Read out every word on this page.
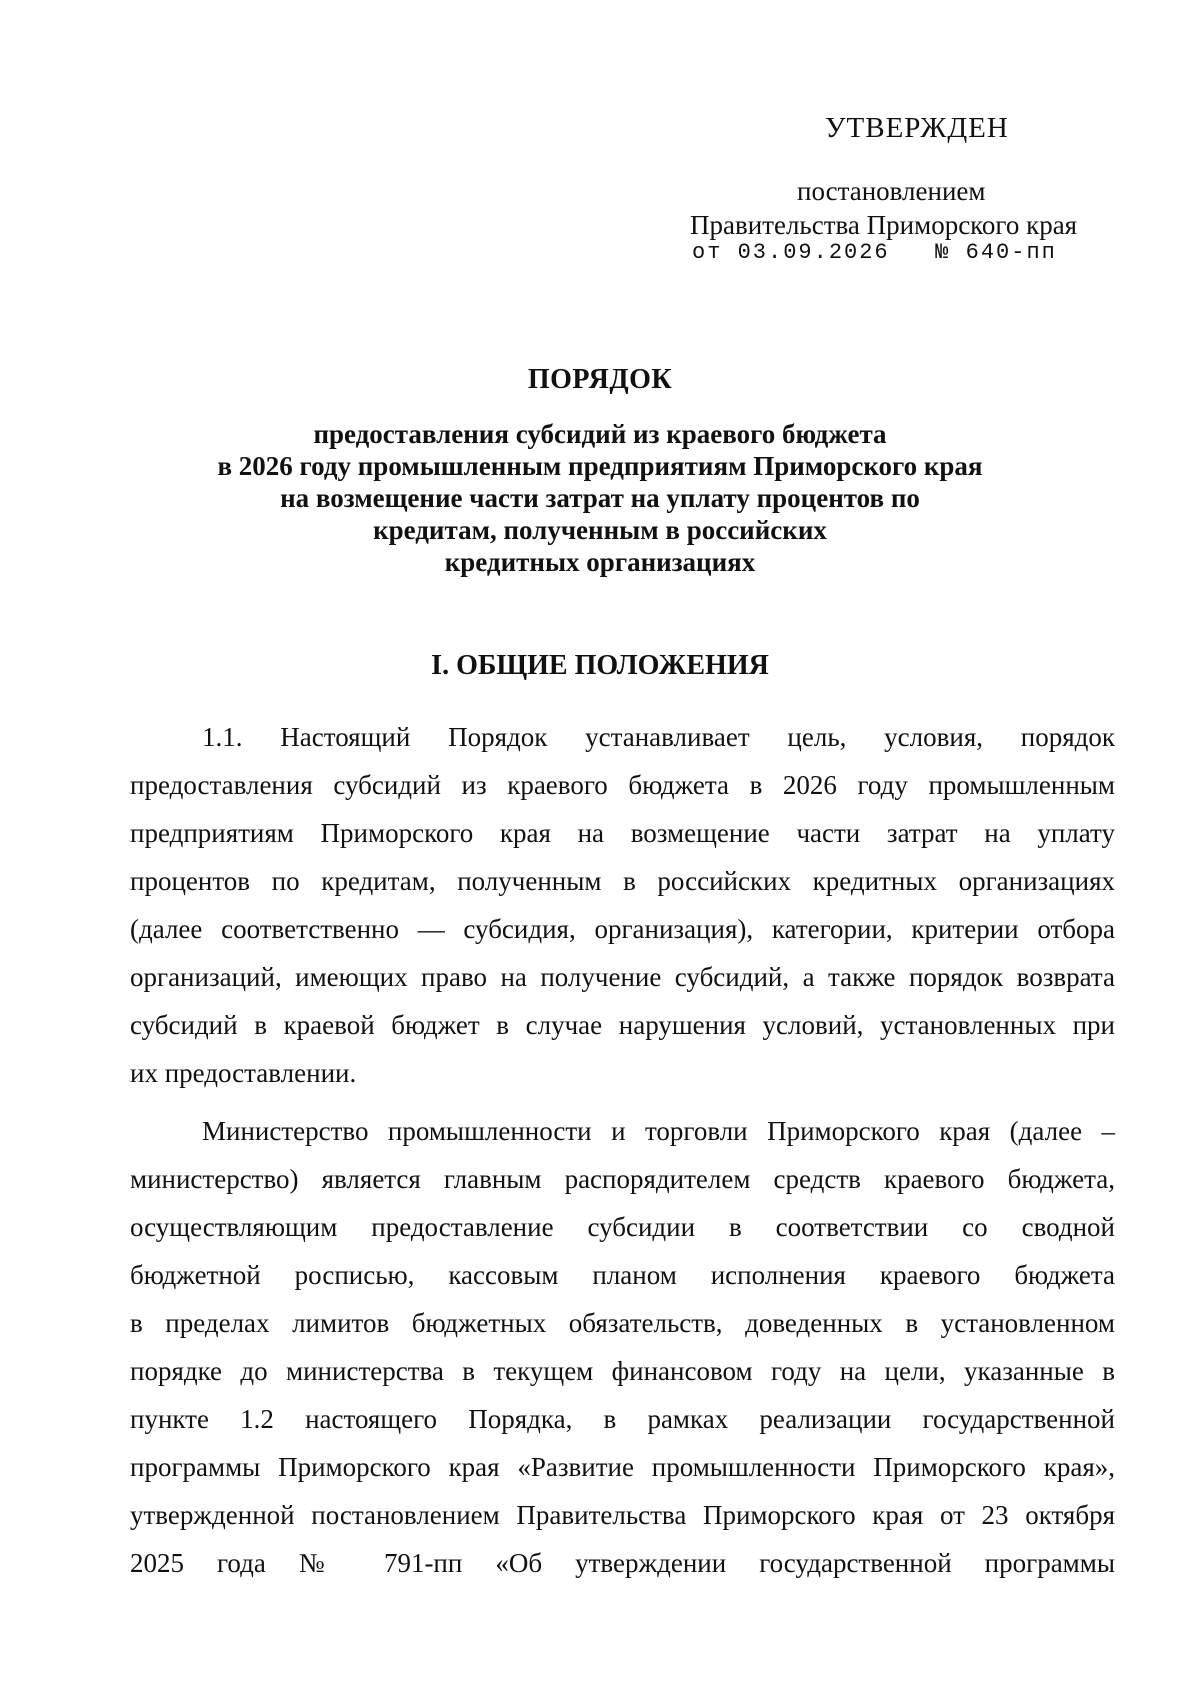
УТВЕРЖДЕН
постановлением
Правительства Приморского края
от 03.09.2026   № 640-пп
ПОРЯДОК
предоставления субсидий из краевого бюджета
в 2026 году промышленным предприятиям Приморского края
на возмещение части затрат на уплату процентов по
кредитам, полученным в российских
кредитных организациях
I. ОБЩИЕ ПОЛОЖЕНИЯ
1.1. Настоящий Порядок устанавливает цель, условия, порядок
предоставления субсидий из краевого бюджета в 2026 году промышленным
предприятиям Приморского края на возмещение части затрат на уплату
процентов по кредитам, полученным в российских кредитных организациях
(далее соответственно — субсидия, организация), категории, критерии отбора
организаций, имеющих право на получение субсидий, а также порядок возврата
субсидий в краевой бюджет в случае нарушения условий, установленных при
их предоставлении.
Министерство промышленности и торговли Приморского края (далее –
министерство) является главным распорядителем средств краевого бюджета,
осуществляющим предоставление субсидии в соответствии со сводной
бюджетной росписью, кассовым планом исполнения краевого бюджета
в пределах лимитов бюджетных обязательств, доведенных в установленном
порядке до министерства в текущем финансовом году на цели, указанные в
пункте 1.2 настоящего Порядка, в рамках реализации государственной
программы Приморского края «Развитие промышленности Приморского края»,
утвержденной постановлением Правительства Приморского края от 23 октября
2025 года № 791-пп «Об утверждении государственной программы
